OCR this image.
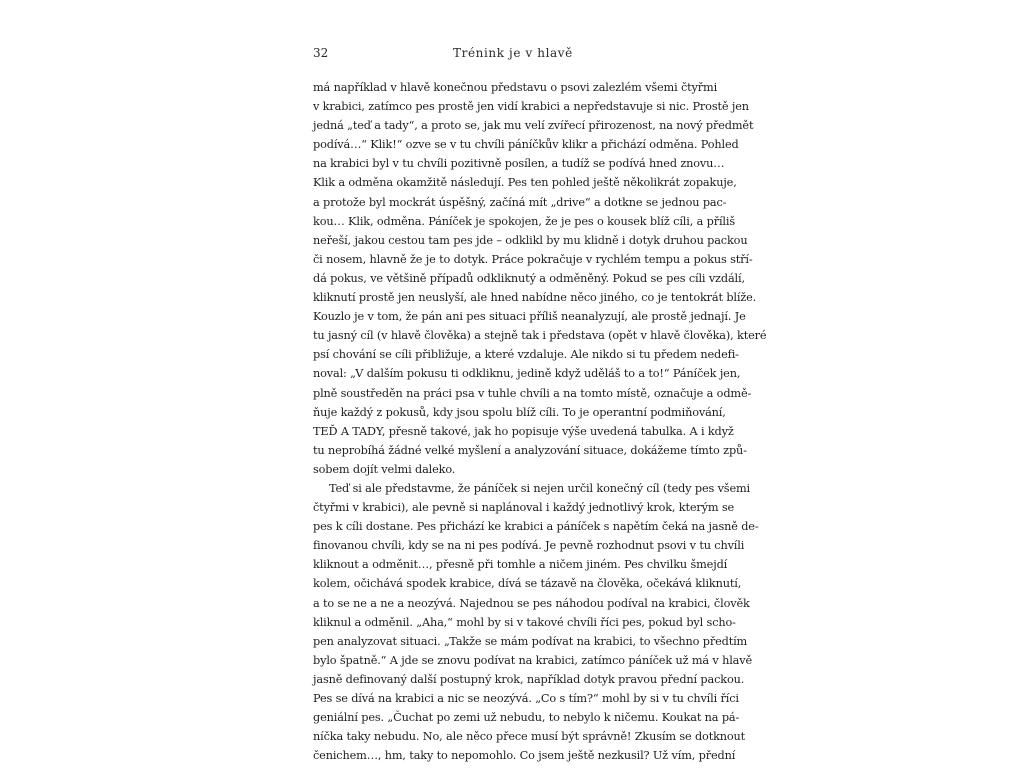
32	Trénink je v hlavě
má například v hlavě konečnou představu o psovi zalezlém všemi čtyřmi
v krabici, zatímco pes prostě jen vidí krabici a nepředstavuje si nic. Prostě jen
jedná „teď a tady“, a proto se, jak mu velí zvířecí přirozenost, na nový předmět
podívá…“ Klik!“ ozve se v tu chvíli páníčkův klikr a přichází odměna. Pohled
na krabici byl v tu chvíli pozitivně posílen, a tudíž se podívá hned znovu…
Klik a odměna okamžitě následují. Pes ten pohled ještě několikrát zopakuje,
a protože byl mockrát úspěšný, začíná mít „drive“ a dotkne se jednou pac-
kou… Klik, odměna. Páníček je spokojen, že je pes o kousek blíž cíli, a příliš
neřeší, jakou cestou tam pes jde – odklikl by mu klidně i dotyk druhou packou
či nosem, hlavně že je to dotyk. Práce pokračuje v rychlém tempu a pokus stří-
dá pokus, ve většině případů odkliknutý a odměněný. Pokud se pes cíli vzdálí,
kliknutí prostě jen neuslyší, ale hned nabídne něco jiného, co je tentokrát blíže.
Kouzlo je v tom, že pán ani pes situaci příliš neanalyzují, ale prostě jednají. Je
tu jasný cíl (v hlavě člověka) a stejně tak i představa (opět v hlavě člověka), které
psí chování se cíli přibližuje, a které vzdaluje. Ale nikdo si tu předem nedefi-
noval: „V dalším pokusu ti odkliknu, jedině když uděláš to a to!“ Páníček jen,
plně soustředěn na práci psa v tuhle chvíli a na tomto místě, označuje a odmě-
ňuje každý z pokusů, kdy jsou spolu blíž cíli. To je operantní podmiňování,
TEĎ A TADY, přesně takové, jak ho popisuje výše uvedená tabulka. A i když
tu neprobíhá žádné velké myšlení a analyzování situace, dokážeme tímto způ-
sobem dojít velmi daleko.
Teď si ale představme, že páníček si nejen určil konečný cíl (tedy pes všemi
čtyřmi v krabici), ale pevně si naplánoval i každý jednotlivý krok, kterým se
pes k cíli dostane. Pes přichází ke krabici a páníček s napětím čeká na jasně de-
finovanou chvíli, kdy se na ni pes podívá. Je pevně rozhodnut psovi v tu chvíli
kliknout a odměnit…, přesně při tomhle a ničem jiném. Pes chvilku šmejdí
kolem, očichává spodek krabice, dívá se tázavě na člověka, očekává kliknutí,
a to se ne a ne a neozývá. Najednou se pes náhodou podíval na krabici, člověk
kliknul a odměnil. „Aha,“ mohl by si v takové chvíli říci pes, pokud byl scho-
pen analyzovat situaci. „Takže se mám podívat na krabici, to všechno předtím
bylo špatně.“ A jde se znovu podívat na krabici, zatímco páníček už má v hlavě
jasně definovaný další postupný krok, například dotyk pravou přední packou.
Pes se dívá na krabici a nic se neozývá. „Co s tím?“ mohl by si v tu chvíli říci
geniální pes. „Čuchat po zemi už nebudu, to nebylo k ničemu. Koukat na pá-
níčka taky nebudu. No, ale něco přece musí být správně! Zkusím se dotknout
čenichem…, hm, taky to nepomohlo. Co jsem ještě nezkusil? Už vím, přední
